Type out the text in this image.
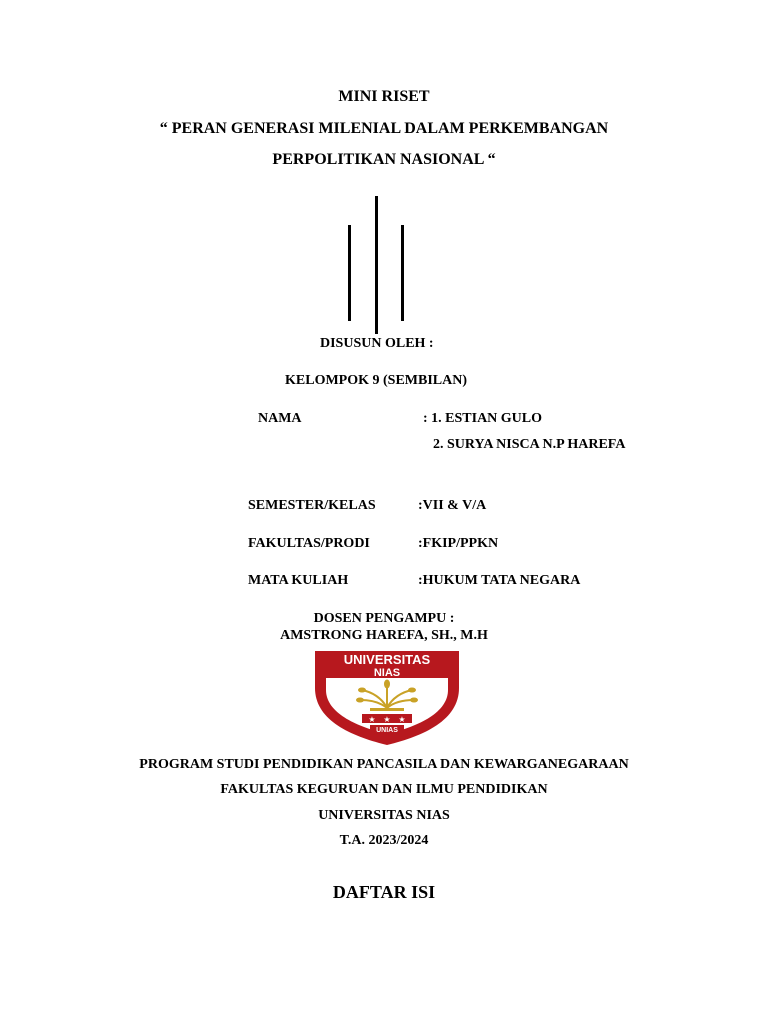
MINI RISET
“ PERAN GENERASI MILENIAL DALAM PERKEMBANGAN
PERPOLITIKAN NASIONAL “
DISUSUN OLEH :
KELOMPOK 9 (SEMBILAN)
NAMA	: 1. ESTIAN GULO
2. SURYA NISCA N.P HAREFA
SEMESTER/KELAS	:VII & V/A
FAKULTAS/PRODI	:FKIP/PPKN
MATA KULIAH	:HUKUM TATA NEGARA
DOSEN PENGAMPU :
AMSTRONG HAREFA, SH., M.H
UNIVERSITAS
NIAS
★ ★ ★
UNIAS
PROGRAM STUDI PENDIDIKAN PANCASILA DAN KEWARGANEGARAAN
FAKULTAS KEGURUAN DAN ILMU PENDIDIKAN
UNIVERSITAS NIAS
T.A. 2023/2024
DAFTAR ISI
